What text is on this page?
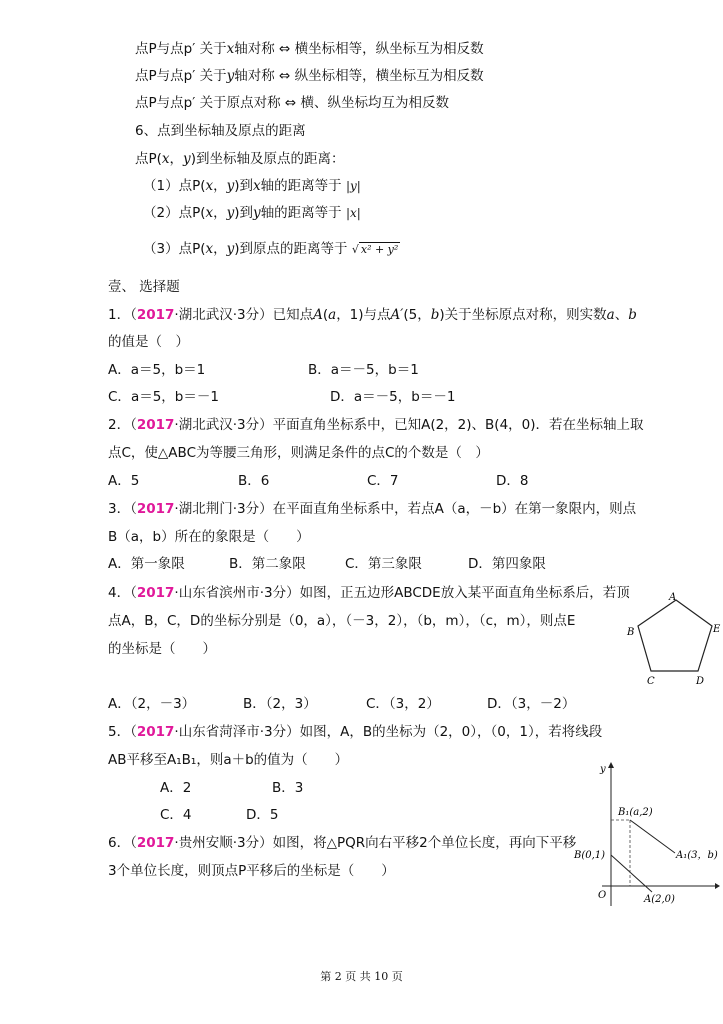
点P与点p′ 关于x轴对称 ⇔ 横坐标相等，纵坐标互为相反数
点P与点p′ 关于y轴对称 ⇔ 纵坐标相等，横坐标互为相反数
点P与点p′ 关于原点对称 ⇔ 横、纵坐标均互为相反数
6、点到坐标轴及原点的距离
点P(x，y)到坐标轴及原点的距离：
（1）点P(x，y)到x轴的距离等于 |y|
（2）点P(x，y)到y轴的距离等于 |x|
（3）点P(x，y)到原点的距离等于 √ x² + y²
壹、 选择题
1．（2017·湖北武汉·3分）已知点A(a，1)与点A′(5，b)关于坐标原点对称，则实数a、b
的值是（　）
A．a＝5，b＝1	B．a＝－5，b＝1
C．a＝5，b＝－1	D．a＝－5，b＝－1
2．（2017·湖北武汉·3分）平面直角坐标系中，已知A(2，2)、B(4，0)．若在坐标轴上取
点C，使△ABC为等腰三角形，则满足条件的点C的个数是（　）
A．5	B．6	C．7	D．8
3．（2017·湖北荆门·3分）在平面直角坐标系中，若点A（a，－b）在第一象限内，则点
B（a，b）所在的象限是（　　）
A．第一象限	B．第二象限	C．第三象限	D．第四象限
4．（2017·山东省滨州市·3分）如图，正五边形ABCDE放入某平面直角坐标系后，若顶
点A，B，C，D的坐标分别是（0，a），（－3，2），（b，m），（c，m），则点E
的坐标是（　　）
A．（2，－3）	B．（2，3）	C．（3，2）	D．（3，－2）
A
B	E
C	D
5．（2017·山东省菏泽市·3分）如图，A，B的坐标为（2，0），（0，1），若将线段
AB平移至A₁B₁，则a＋b的值为（　　）
A．2	B．3
C．4	D．5
y
O
B(0,1)
A(2,0)
B₁(a,2)
A₁(3，b)
6．（2017·贵州安顺·3分）如图，将△PQR向右平移2个单位长度，再向下平移
3个单位长度，则顶点P平移后的坐标是（　　）
第 2 页 共 10 页
